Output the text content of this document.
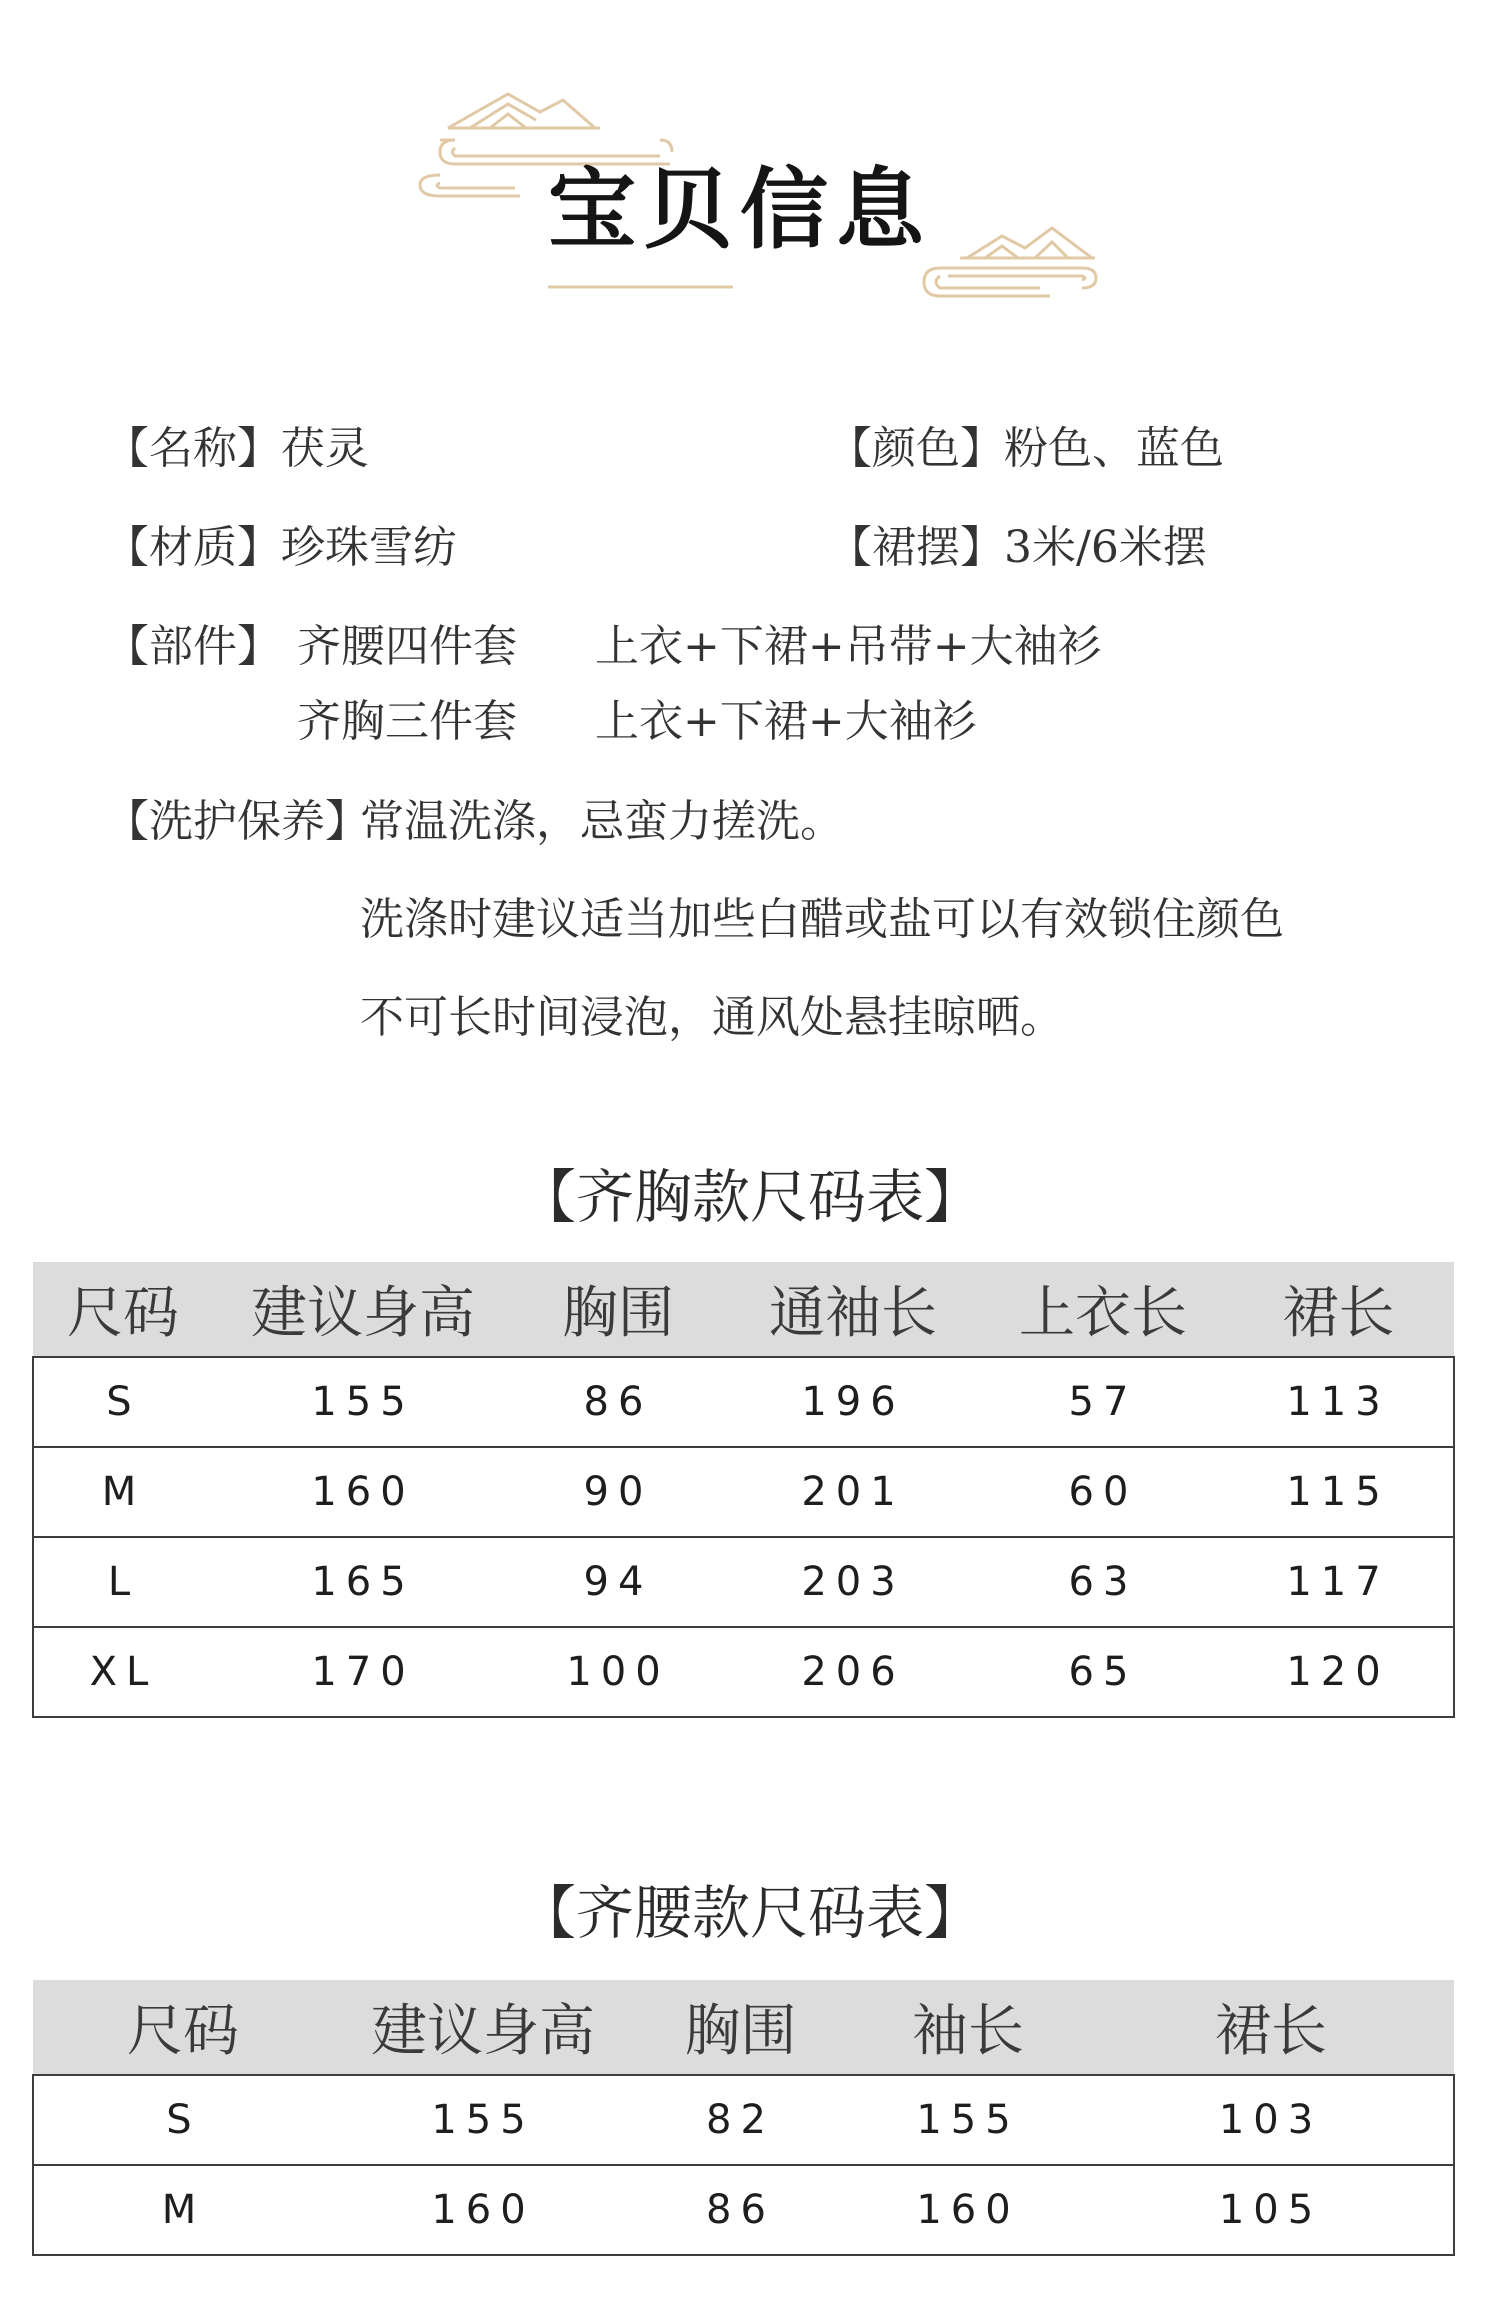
宝贝信息
【名称】茯灵	【颜色】粉色、蓝色
【材质】珍珠雪纺	【裙摆】3米/6米摆
【部件】 齐腰四件套 上衣+下裙+吊带+大袖衫
齐胸三件套 上衣+下裙+大袖衫
【洗护保养】
常温洗涤，忌蛮力搓洗。
洗涤时建议适当加些白醋或盐可以有效锁住颜色
不可长时间浸泡，通风处悬挂晾晒。
【齐胸款尺码表】
尺码	建议身高	胸围	通袖长	上衣长	裙长
S	155	86	196	57	113
M	160	90	201	60	115
L	165	94	203	63	117
XL	170	100	206	65	120
【齐腰款尺码表】
尺码	建议身高	胸围	袖长	裙长
S	155	82	155	103
M	160	86	160	105
